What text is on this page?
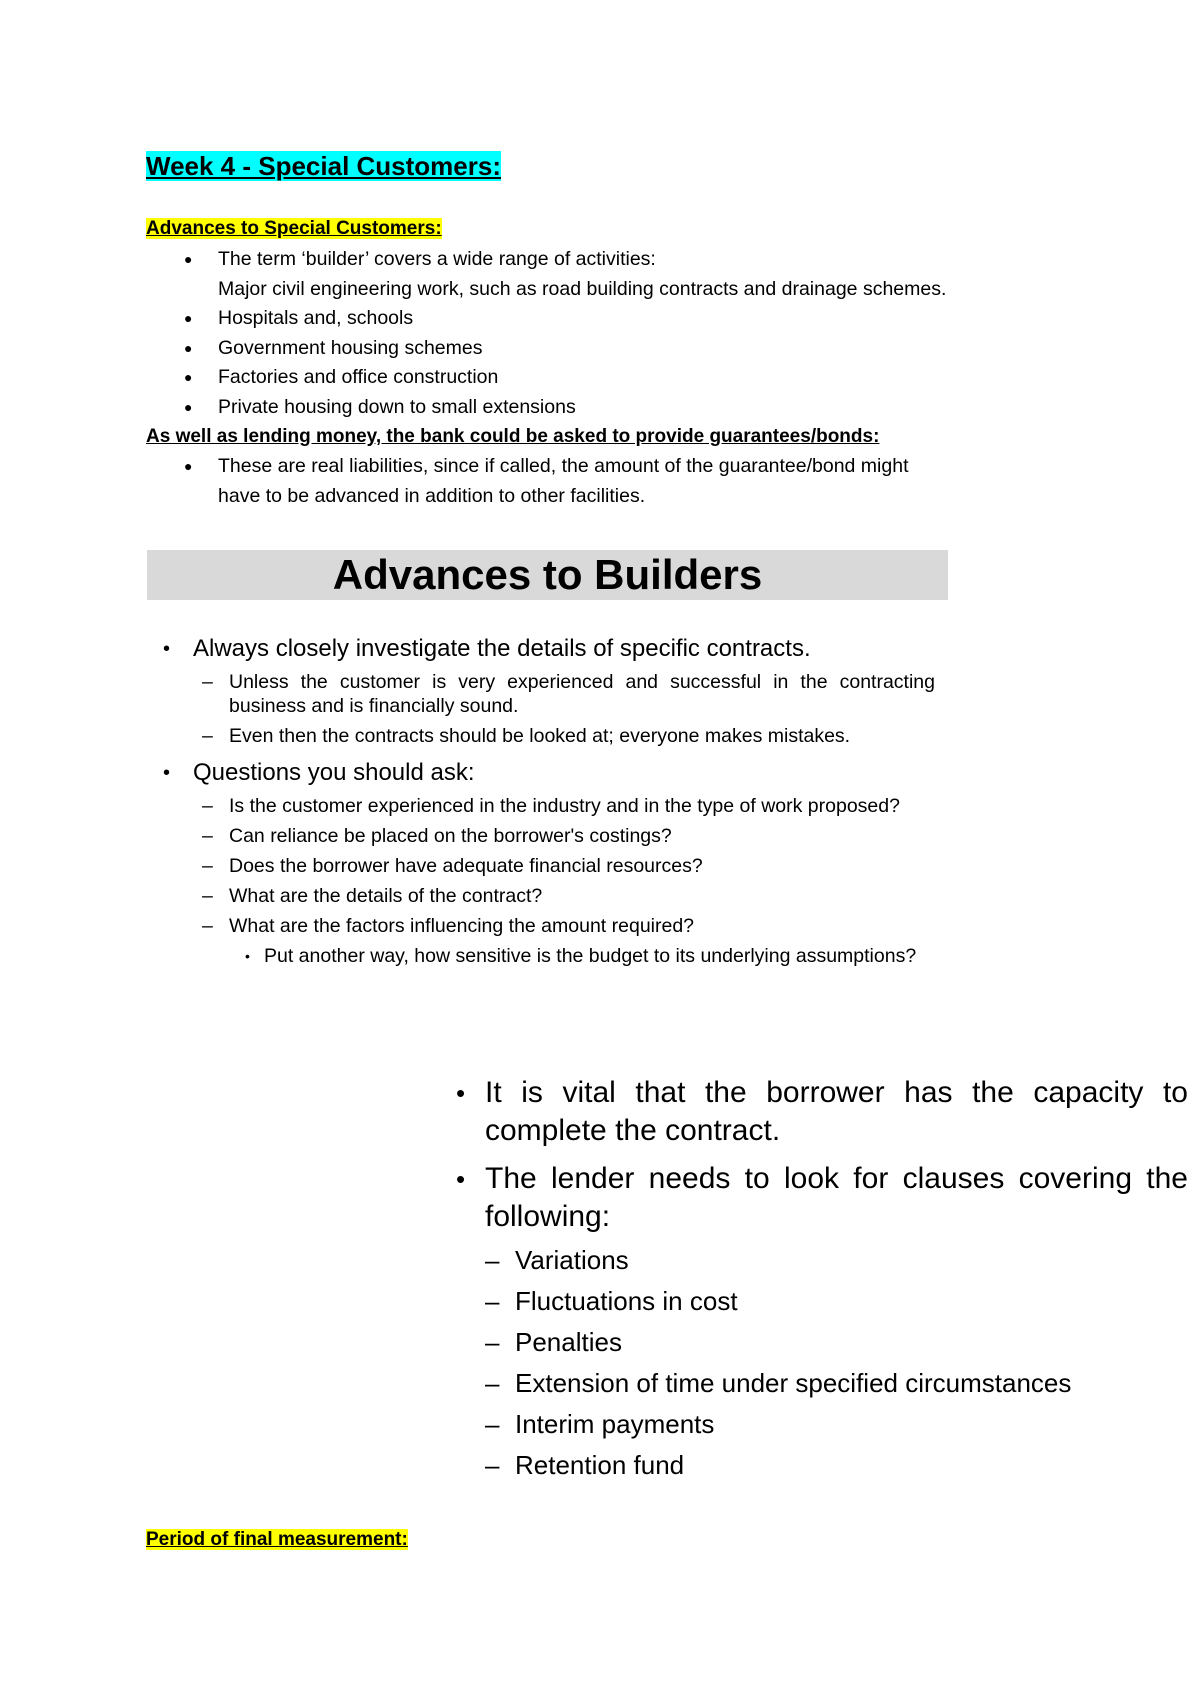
Week 4 - Special Customers:
Advances to Special Customers:
● The term ‘builder’ covers a wide range of activities:
Major civil engineering work, such as road building contracts and drainage schemes.
● Hospitals and, schools
● Government housing schemes
● Factories and office construction
● Private housing down to small extensions
As well as lending money, the bank could be asked to provide guarantees/bonds:
● These are real liabilities, since if called, the amount of the guarantee/bond might
have to be advanced in addition to other facilities.
Advances to Builders
• Always closely investigate the details of specific contracts.
– Unless the customer is very experienced and successful in the contracting business and is financially sound.
– Even then the contracts should be looked at; everyone makes mistakes.
• Questions you should ask:
– Is the customer experienced in the industry and in the type of work proposed?
– Can reliance be placed on the borrower's costings?
– Does the borrower have adequate financial resources?
– What are the details of the contract?
– What are the factors influencing the amount required?
• Put another way, how sensitive is the budget to its underlying assumptions?
• It is vital that the borrower has the capacity to complete the contract.
• The lender needs to look for clauses covering the following:
– Variations
– Fluctuations in cost
– Penalties
– Extension of time under specified circumstances
– Interim payments
– Retention fund
Period of final measurement:
